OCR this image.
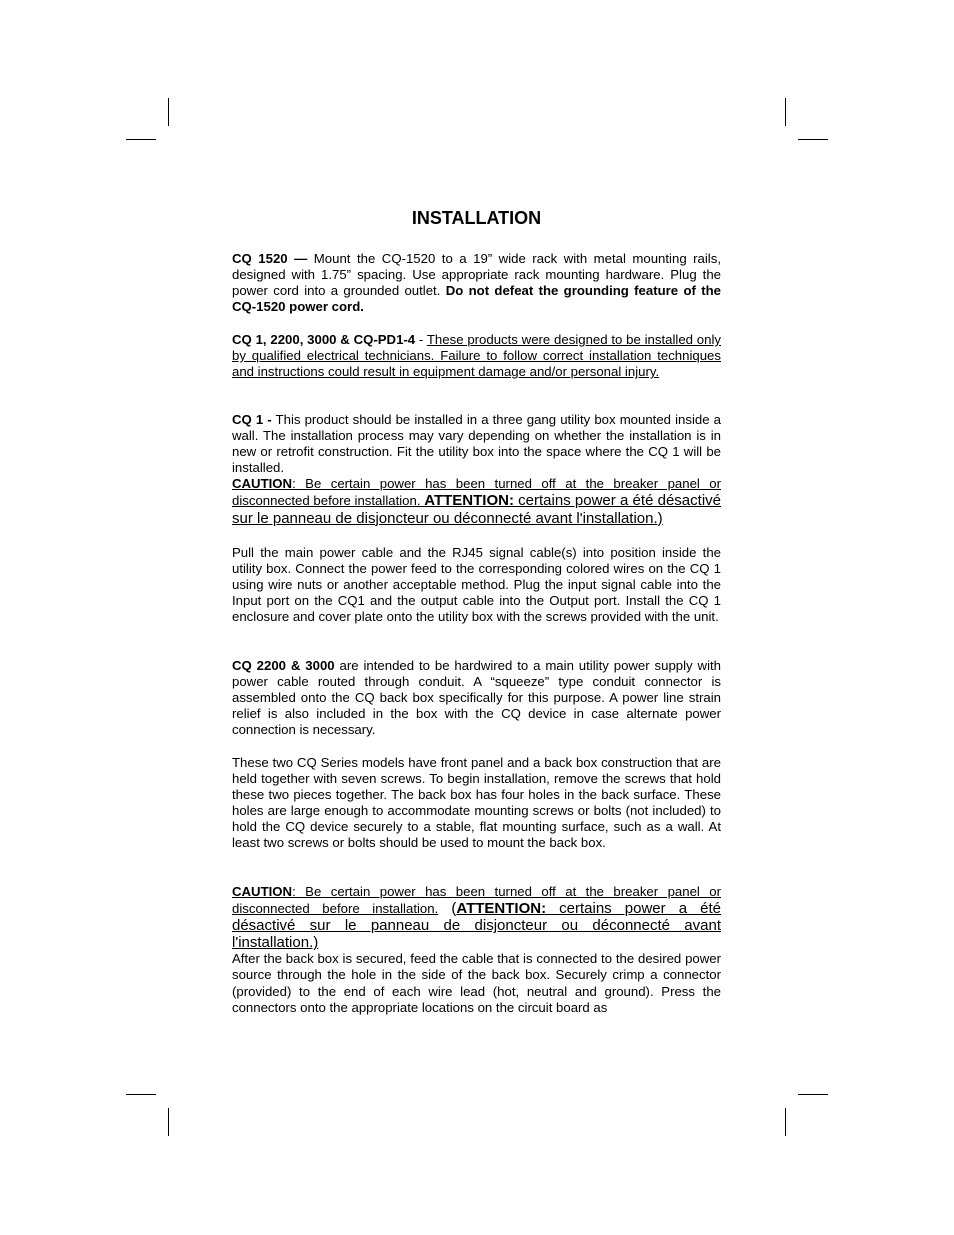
INSTALLATION

CQ 1520 — Mount the CQ-1520 to a 19” wide rack with metal mounting rails, designed with 1.75” spacing. Use appropriate rack mounting hardware. Plug the power cord into a grounded outlet. Do not defeat the grounding feature of the CQ-1520 power cord.

CQ 1, 2200, 3000 & CQ-PD1-4 - These products were designed to be installed only by qualified electrical technicians. Failure to follow correct installation techniques and instructions could result in equipment damage and/or personal injury.

CQ 1 - This product should be installed in a three gang utility box mounted inside a wall. The installation process may vary depending on whether the installation is in new or retrofit construction. Fit the utility box into the space where the CQ 1 will be installed.
CAUTION: Be certain power has been turned off at the breaker panel or disconnected before installation. ATTENTION: certains power a été désactivé sur le panneau de disjoncteur ou déconnecté avant l'installation.)

Pull the main power cable and the RJ45 signal cable(s) into position inside the utility box. Connect the power feed to the corresponding colored wires on the CQ 1 using wire nuts or another acceptable method. Plug the input signal cable into the Input port on the CQ1 and the output cable into the Output port. Install the CQ 1 enclosure and cover plate onto the utility box with the screws provided with the unit.

CQ 2200 & 3000 are intended to be hardwired to a main utility power supply with power cable routed through conduit. A “squeeze” type conduit connector is assembled onto the CQ back box specifically for this purpose. A power line strain relief is also included in the box with the CQ device in case alternate power connection is necessary.

These two CQ Series models have front panel and a back box construction that are held together with seven screws. To begin installation, remove the screws that hold these two pieces together. The back box has four holes in the back surface. These holes are large enough to accommodate mounting screws or bolts (not included) to hold the CQ device securely to a stable, flat mounting surface, such as a wall. At least two screws or bolts should be used to mount the back box.

CAUTION: Be certain power has been turned off at the breaker panel or disconnected before installation. (ATTENTION: certains power a été désactivé sur le panneau de disjoncteur ou déconnecté avant l'installation.)
After the back box is secured, feed the cable that is connected to the desired power source through the hole in the side of the back box. Securely crimp a connector (provided) to the end of each wire lead (hot, neutral and ground). Press the connectors onto the appropriate locations on the circuit board as
